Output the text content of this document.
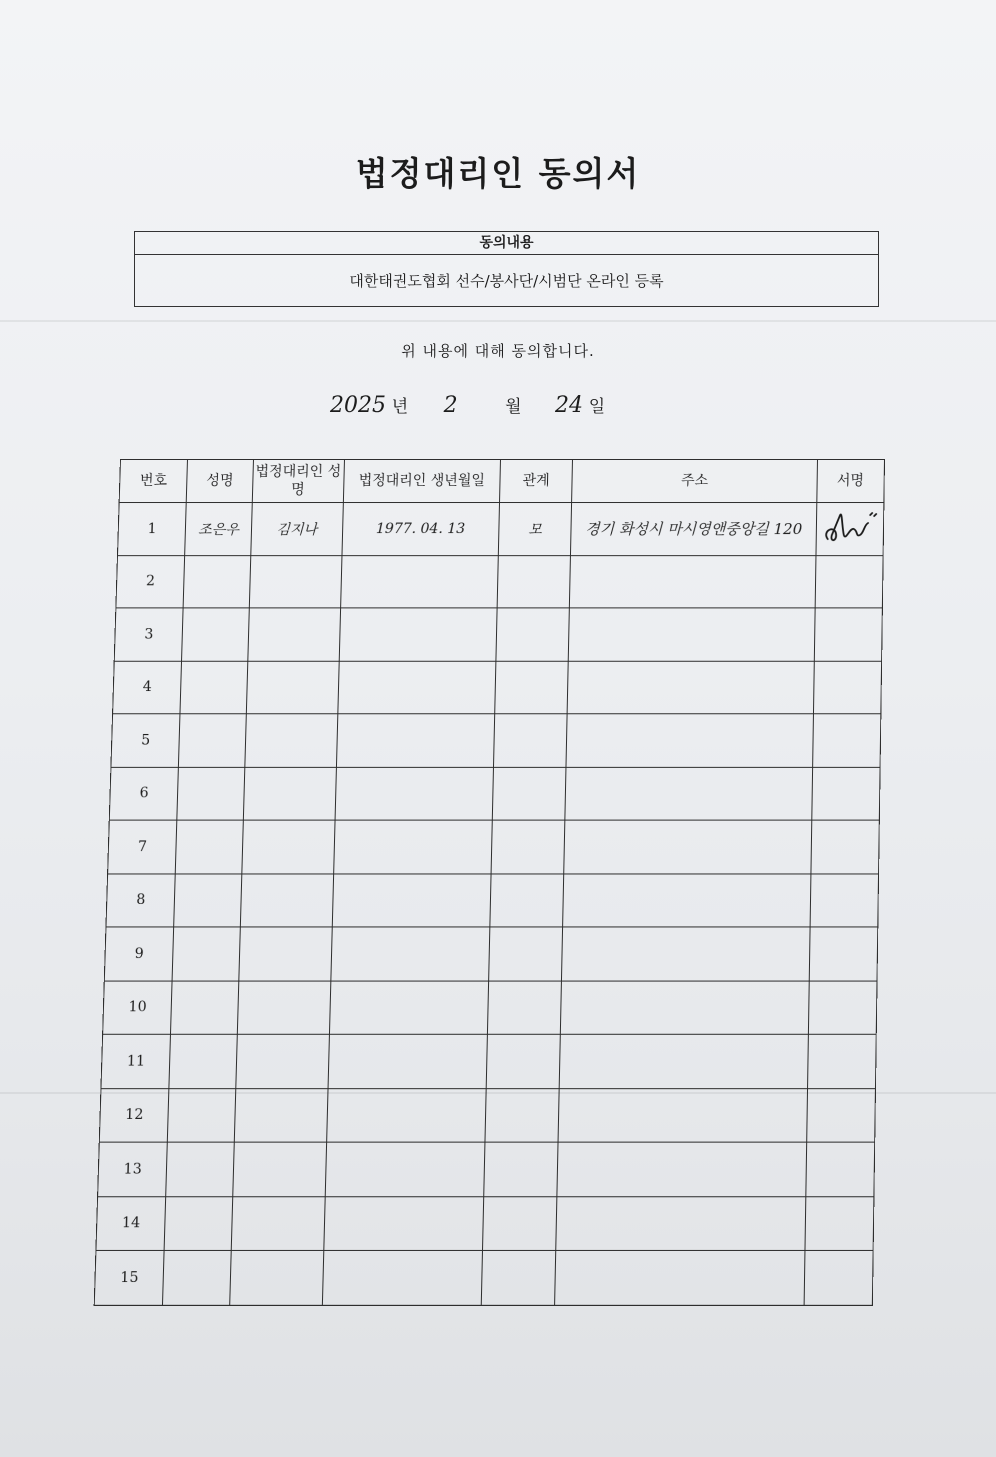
법정대리인 동의서
동의내용
대한태권도협회 선수/봉사단/시범단 온라인 등록
위 내용에 대해 동의합니다.
2025 년 2	월 24 일
번호	성명	법정대리인 성명	법정대리인 생년월일	관계	주소	서명
1	조은우	김지나	1977. 04. 13	모	경기 화성시 마시영앤중앙길 120	
2						
3						
4						
5						
6						
7						
8						
9						
10						
11						
12						
13						
14						
15						
